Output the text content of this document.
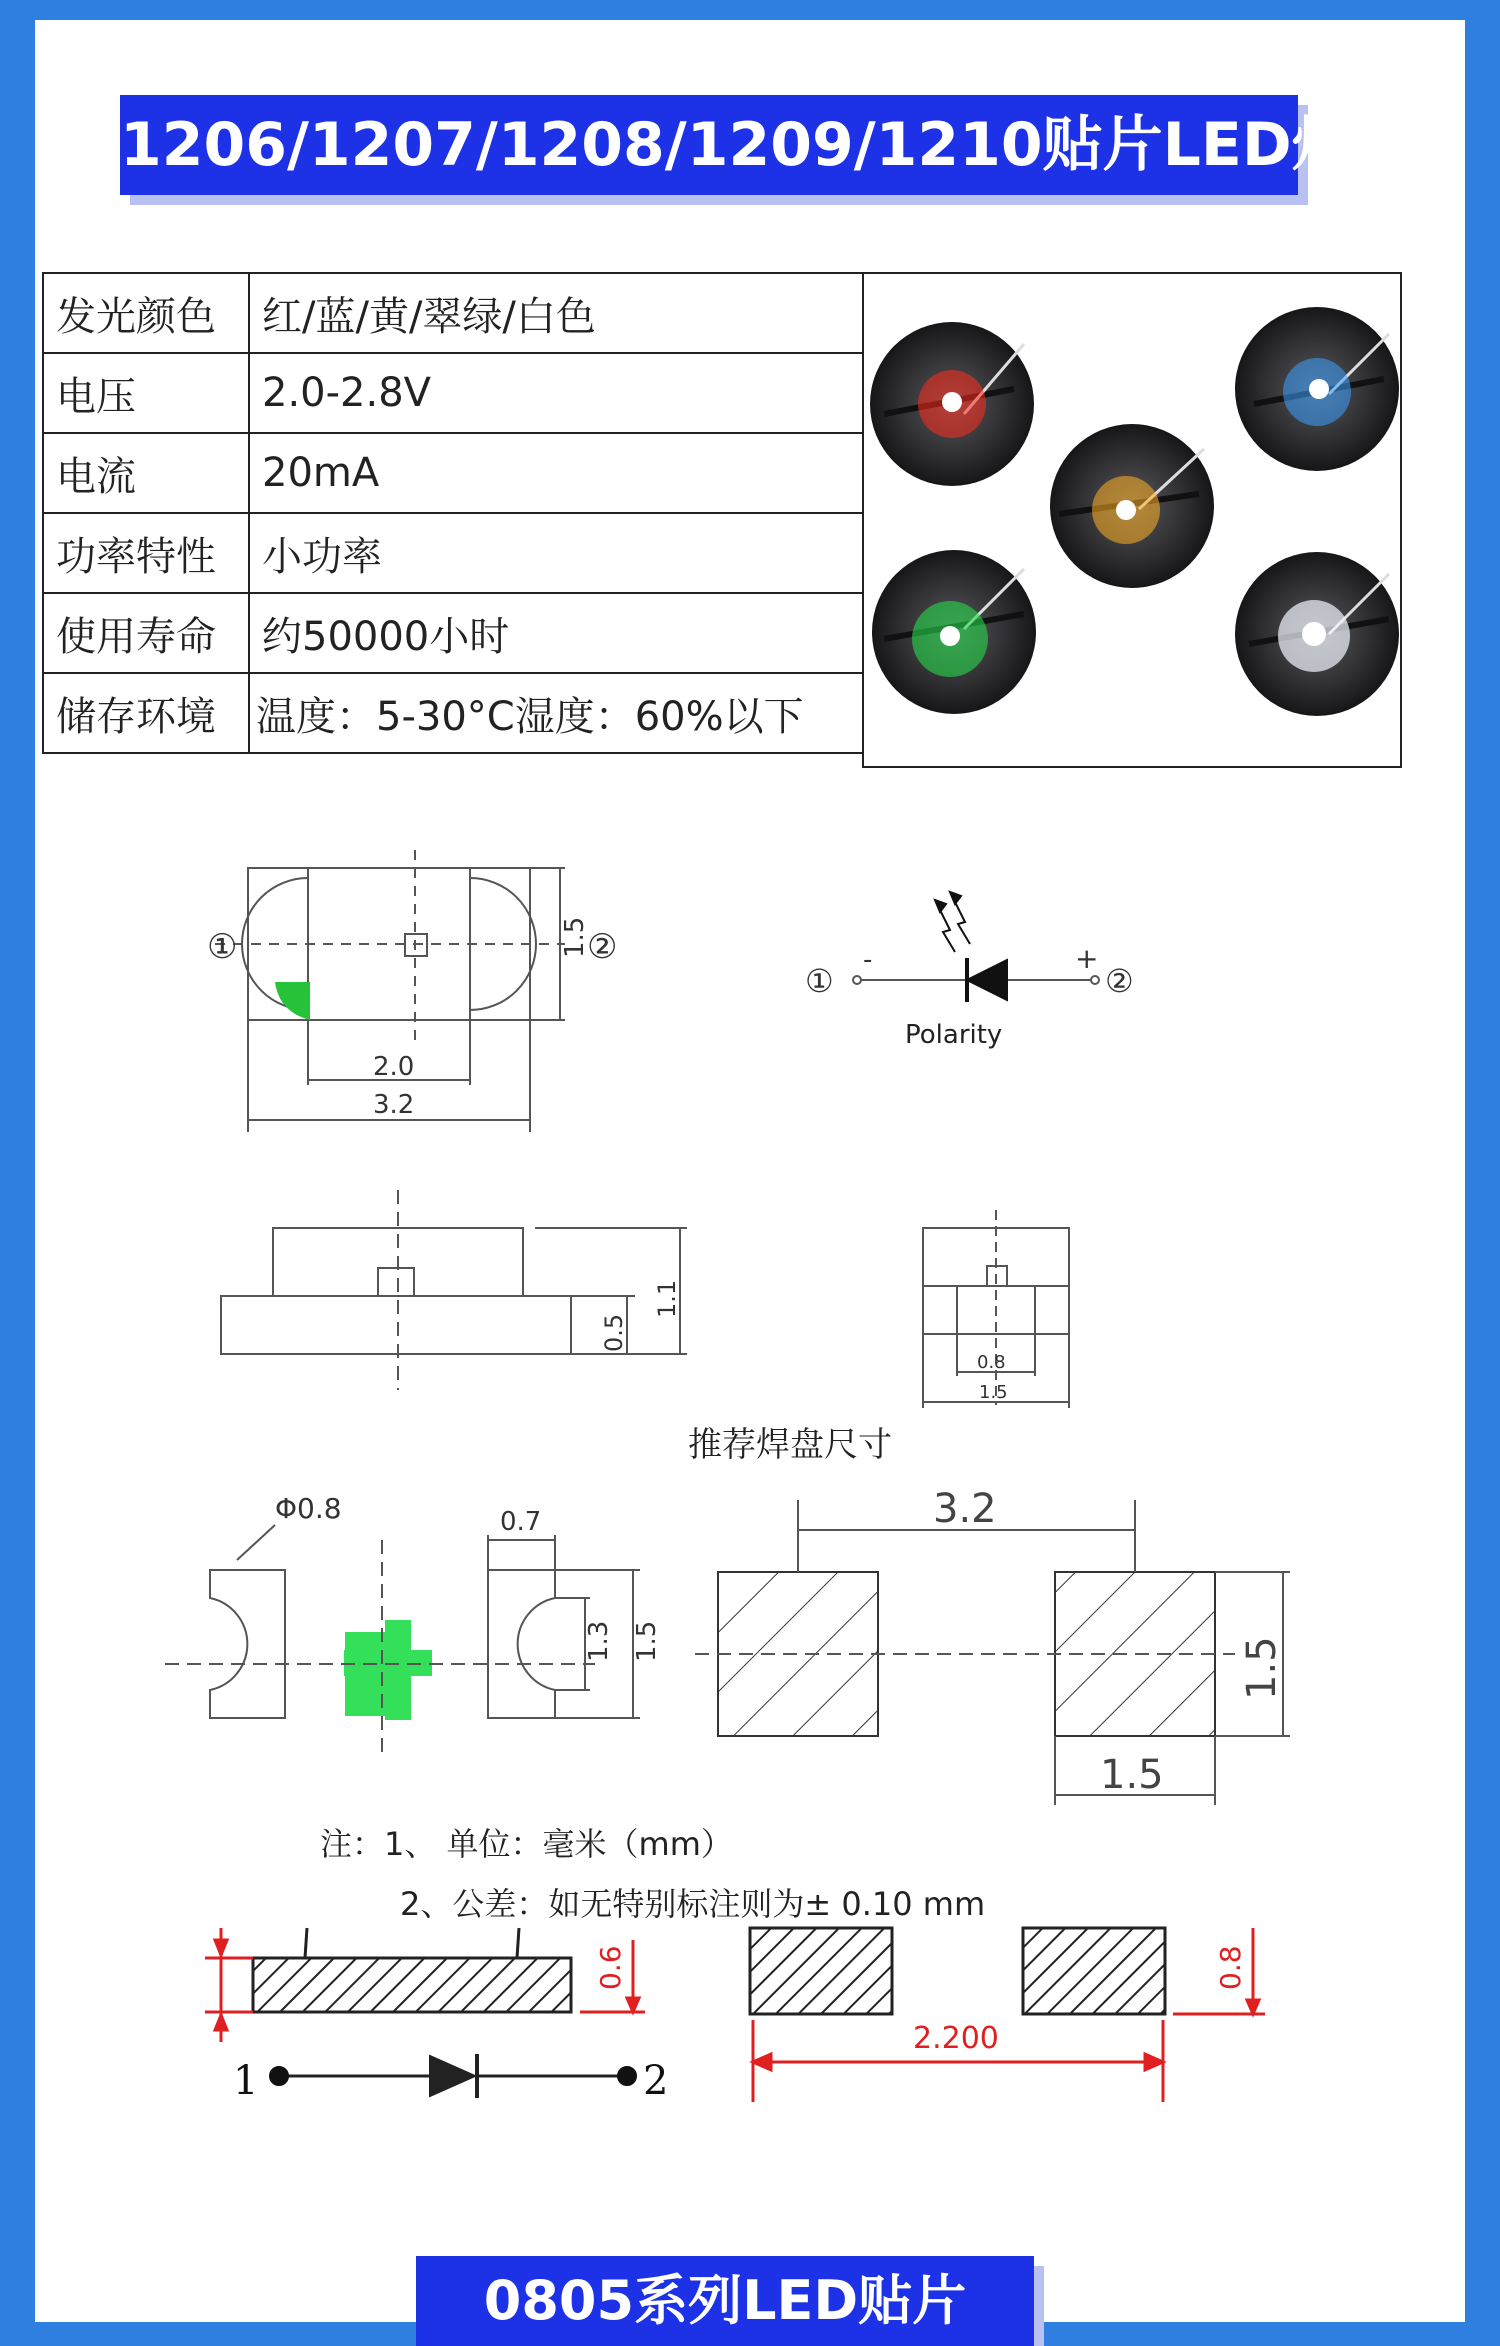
1206/1207/1208/1209/1210贴片LED灯
发光颜色	红/蓝/黄/翠绿/白色
电压	2.0-2.8V
电流	20mA
功率特性	小功率
使用寿命	约50000小时
储存环境	温度：5-30°C湿度：60%以下
①	②
2.0
3.2
1.5
①	②
-	+
Polarity
0.5
1.1
0.8
1.5
推荐焊盘尺寸
Φ0.8	0.7
1.3 1.5
3.2
1.5
1.5
注：1、 单位：毫米（mm）
2、公差：如无特别标注则为± 0.10 mm
0.6	0.8
2.200
1	2
0805系列LED贴片
